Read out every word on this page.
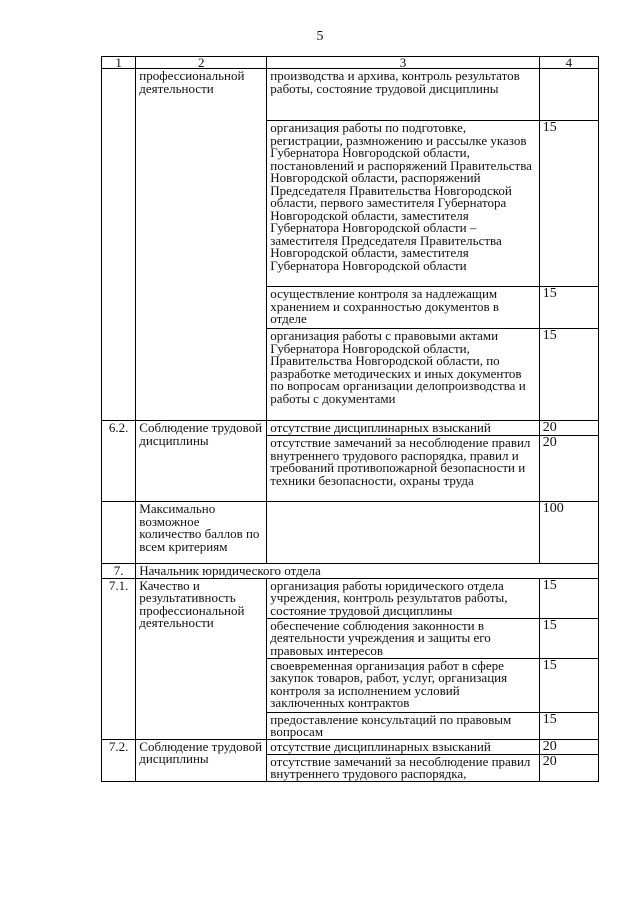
5
1	2	3	4

	профессиональной деятельности	производства и архива, контроль результатов работы, состояние трудовой дисциплины	

		организация работы по подготовке, регистрации, размножению и рассылке указов Губернатора Новгородской области, постановлений и распоряжений Правительства Новгородской области, распоряжений Председателя Правительства Новгородской области, первого заместителя Губернатора Новгородской области, заместителя Губернатора Новгородской области – заместителя Председателя Правительства Новгородской области, заместителя Губернатора Новгородской области	15

		осуществление контроля за надлежащим хранением и сохранностью документов в отделе	15

		организация работы с правовыми актами Губернатора Новгородской области, Правительства Новгородской области, по разработке методических и иных документов по вопросам организации делопроизводства и работы с документами	15
6.2.	Соблюдение трудовой дисциплины	отсутствие дисциплинарных взысканий	20

		отсутствие замечаний за несоблюдение правил внутреннего трудового распорядка, правил и требований противопожарной безопасности и техники безопасности, охраны труда	20

	Максимально возможное количество баллов по всем критериям		100
7.	Начальник юридического отдела		
7.1.	Качество и результативность профессиональной деятельности	организация работы юридического отдела учреждения, контроль результатов работы, состояние трудовой дисциплины	15

		обеспечение соблюдения законности в деятельности учреждения и защиты его правовых интересов	15

		своевременная организация работ в сфере закупок товаров, работ, услуг, организация контроля за исполнением условий заключенных контрактов	15

		предоставление консультаций по правовым вопросам	15
7.2.	Соблюдение трудовой дисциплины	отсутствие дисциплинарных взысканий	20

		отсутствие замечаний за несоблюдение правил внутреннего трудового распорядка,	20
